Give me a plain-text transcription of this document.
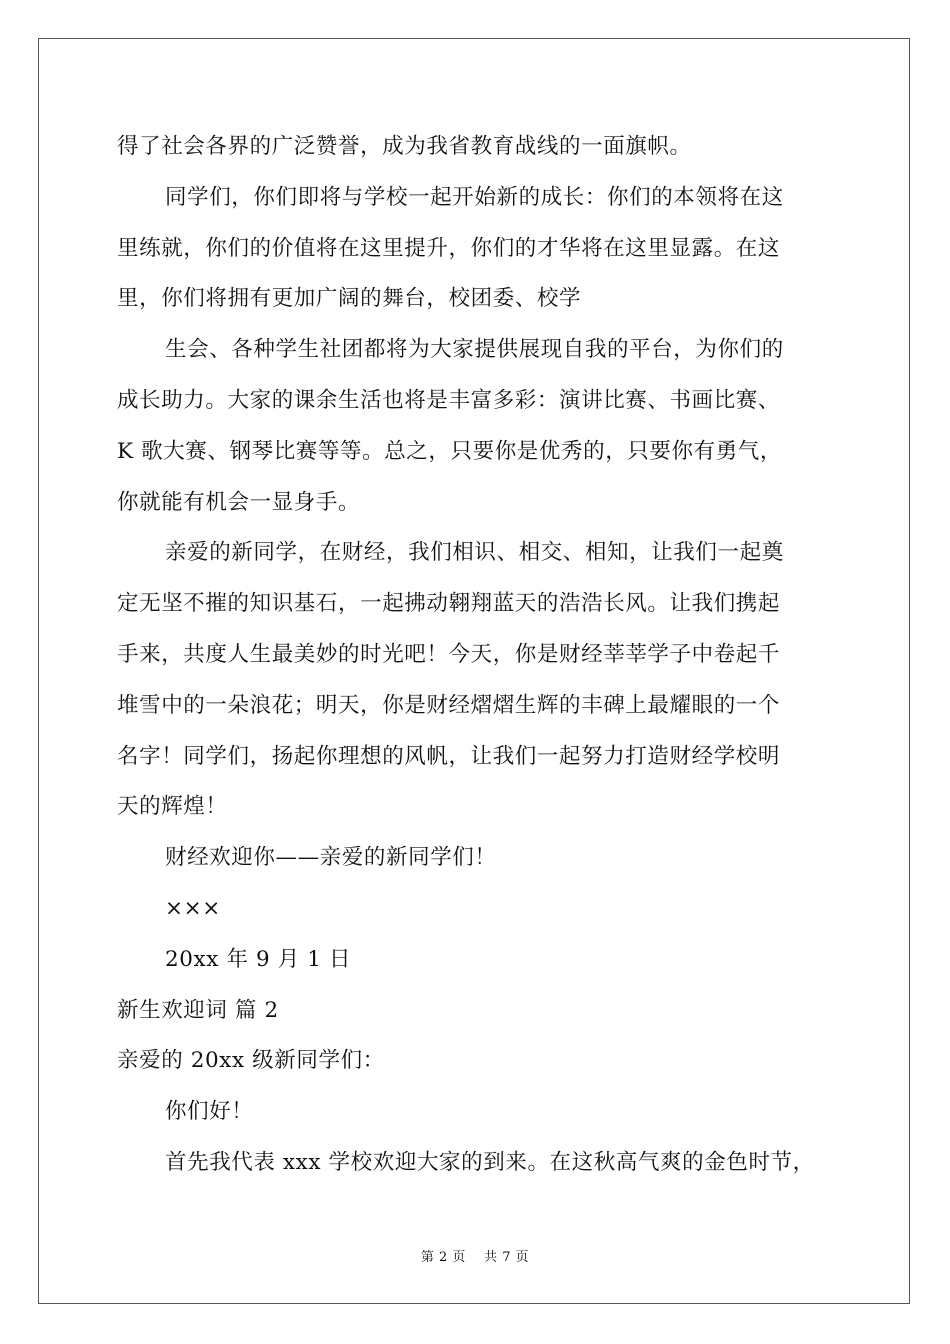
得了社会各界的广泛赞誉，成为我省教育战线的一面旗帜。
同学们，你们即将与学校一起开始新的成长：你们的本领将在这
里练就，你们的价值将在这里提升，你们的才华将在这里显露。在这
里，你们将拥有更加广阔的舞台，校团委、校学
生会、各种学生社团都将为大家提供展现自我的平台，为你们的
成长助力。大家的课余生活也将是丰富多彩：演讲比赛、书画比赛、
K 歌大赛、钢琴比赛等等。总之，只要你是优秀的，只要你有勇气，
你就能有机会一显身手。
亲爱的新同学，在财经，我们相识、相交、相知，让我们一起奠
定无坚不摧的知识基石，一起拂动翱翔蓝天的浩浩长风。让我们携起
手来，共度人生最美妙的时光吧！今天，你是财经莘莘学子中卷起千
堆雪中的一朵浪花；明天，你是财经熠熠生辉的丰碑上最耀眼的一个
名字！同学们，扬起你理想的风帆，让我们一起努力打造财经学校明
天的辉煌！
财经欢迎你——亲爱的新同学们！
×××
20xx 年 9 月 1 日
新生欢迎词 篇 2
亲爱的 20xx 级新同学们：
你们好！
首先我代表 xxx 学校欢迎大家的到来。在这秋高气爽的金色时节，
第 2 页　 共 7 页
